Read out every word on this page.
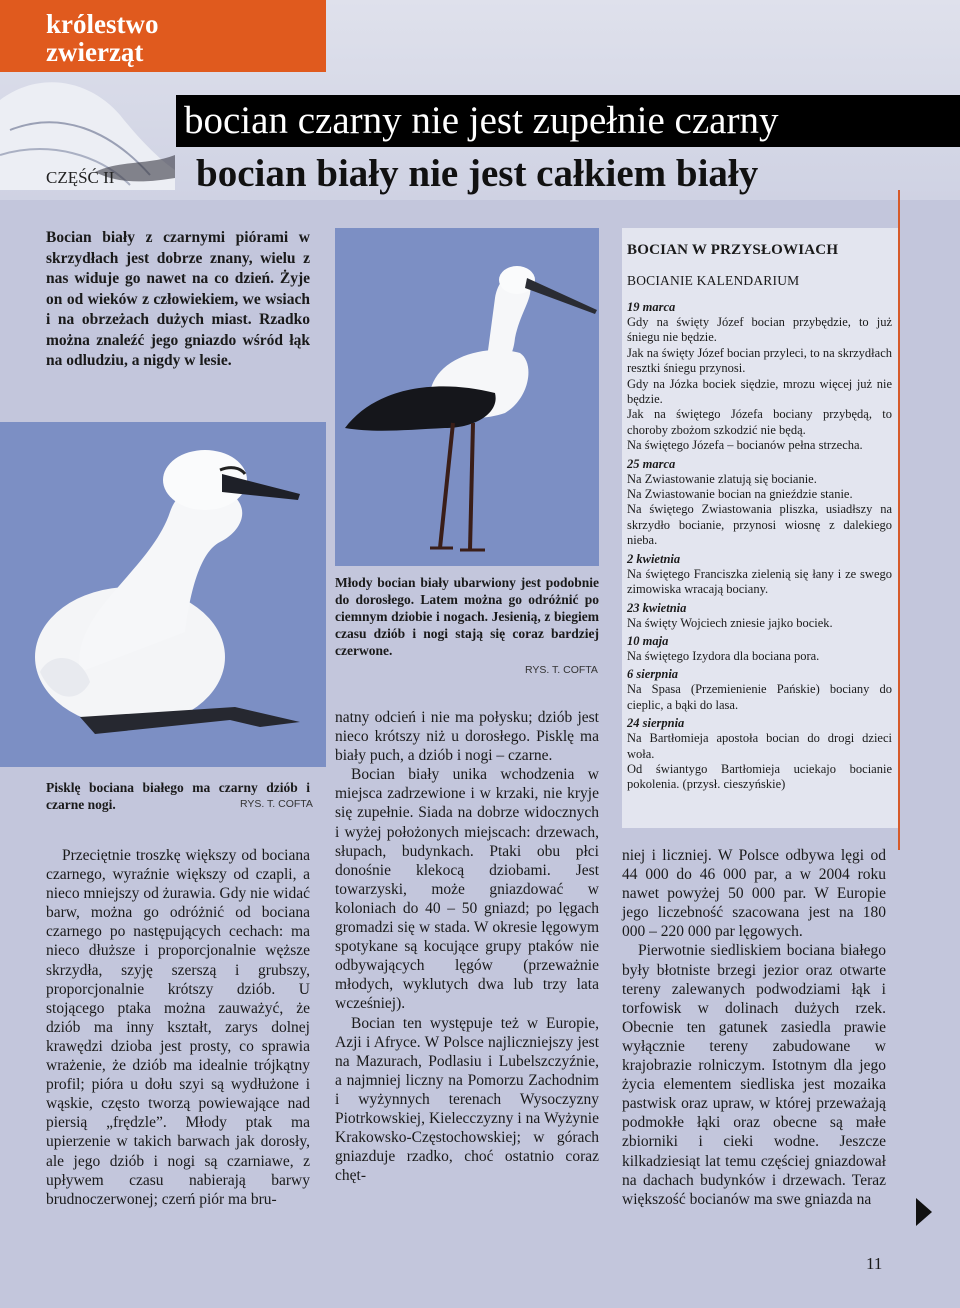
królestwo zwierząt
bocian czarny nie jest zupełnie czarny
bocian biały nie jest całkiem biały
CZĘŚĆ II

Bocian biały z czarnymi piórami w skrzydłach jest dobrze znany, wielu z nas widuje go nawet na co dzień. Żyje on od wieków z człowiekiem, we wsiach i na obrzeżach dużych miast. Rzadko można znaleźć jego gniazdo wśród łąk na odludziu, a nigdy w lesie.

Pisklę bociana białego ma czarny dziób i czarne nogi.	RYS. T. COFTA

Młody bocian biały ubarwiony jest podobnie do dorosłego. Latem można go odróżnić po ciemnym dziobie i nogach. Jesienią, z biegiem czasu dziób i nogi stają się coraz bardziej czerwone.

RYS. T. COFTA

Przeciętnie troszkę większy od bociana czarnego, wyraźnie większy od czapli, a nieco mniejszy od żurawia. Gdy nie widać barw, można go odróżnić od bociana czarnego po następujących cechach: ma nieco dłuższe i proporcjonalnie węższe skrzydła, szyję szerszą i grubszy, proporcjonalnie krótszy dziób. U stojącego ptaka można zauważyć, że dziób ma inny kształt, zarys dolnej krawędzi dzioba jest prosty, co sprawia wrażenie, że dziób ma idealnie trójkątny profil; pióra u dołu szyi są wydłużone i wąskie, często tworzą powiewające nad piersią „frędzle”. Młody ptak ma upierzenie w takich barwach jak dorosły, ale jego dziób i nogi są czarniawe, z upływem czasu nabierają barwy brudnoczerwonej; czerń piór ma bru-

natny odcień i nie ma połysku; dziób jest nieco krótszy niż u dorosłego. Pisklę ma biały puch, a dziób i nogi – czarne.

Bocian biały unika wchodzenia w miejsca zadrzewione i w krzaki, nie kryje się zupełnie. Siada na dobrze widocznych i wyżej położonych miejscach: drzewach, słupach, budynkach. Ptaki obu płci donośnie klekocą dziobami. Jest towarzyski, może gniazdować w koloniach do 40 – 50 gniazd; po lęgach gromadzi się w stada. W okresie lęgowym spotykane są kocujące grupy ptaków nie odbywających lęgów (przeważnie młodych, wyklutych dwa lub trzy lata wcześniej).

Bocian ten występuje też w Europie, Azji i Afryce. W Polsce najliczniejszy jest na Mazurach, Podlasiu i Lubelszczyźnie, a najmniej liczny na Pomorzu Zachodnim i wyżynnych terenach Wysoczyzny Piotrkowskiej, Kielecczyzny i na Wyżynie Krakowsko-Częstochowskiej; w górach gniazduje rzadko, choć ostatnio coraz chęt-

BOCIAN W PRZYSŁOWIACH
BOCIANIE KALENDARIUM
19 marca
Gdy na święty Józef bocian przybędzie, to już śniegu nie będzie.
Jak na święty Józef bocian przyleci, to na skrzydłach resztki śniegu przynosi.
Gdy na Józka bociek siędzie, mrozu więcej już nie będzie.
Jak na świętego Józefa bociany przybędą, to choroby zbożom szkodzić nie będą.
Na świętego Józefa – bocianów pełna strzecha.
25 marca
Na Zwiastowanie zlatują się bocianie.
Na Zwiastowanie bocian na gnieździe stanie.
Na świętego Zwiastowania pliszka, usiadłszy na skrzydło bocianie, przynosi wiosnę z dalekiego nieba.
2 kwietnia
Na świętego Franciszka zielenią się łany i ze swego zimowiska wracają bociany.
23 kwietnia
Na święty Wojciech zniesie jajko bociek.
10 maja
Na świętego Izydora dla bociana pora.
6 sierpnia
Na Spasa (Przemienienie Pańskie) bociany do cieplic, a bąki do lasa.
24 sierpnia
Na Bartłomieja apostoła bocian do drogi dzieci woła.
Od świantygo Bartłomieja uciekajo bocianie pokolenia. (przysł. cieszyńskie)

niej i liczniej. W Polsce odbywa lęgi od 44 000 do 46 000 par, a w 2004 roku nawet powyżej 50 000 par. W Europie jego liczebność szacowana jest na 180 000 – 220 000 par lęgowych.

Pierwotnie siedliskiem bociana białego były błotniste brzegi jezior oraz otwarte tereny zalewanych podwodziami łąk i torfowisk w dolinach dużych rzek. Obecnie ten gatunek zasiedla prawie wyłącznie tereny zabudowane w krajobrazie rolniczym. Istotnym dla jego życia elementem siedliska jest mozaika pastwisk oraz upraw, w której przeważają podmokłe łąki oraz obecne są małe zbiorniki i cieki wodne. Jeszcze kilkadziesiąt lat temu częściej gniazdował na dachach budynków i drzewach. Teraz większość bocianów ma swe gniazda na

11
